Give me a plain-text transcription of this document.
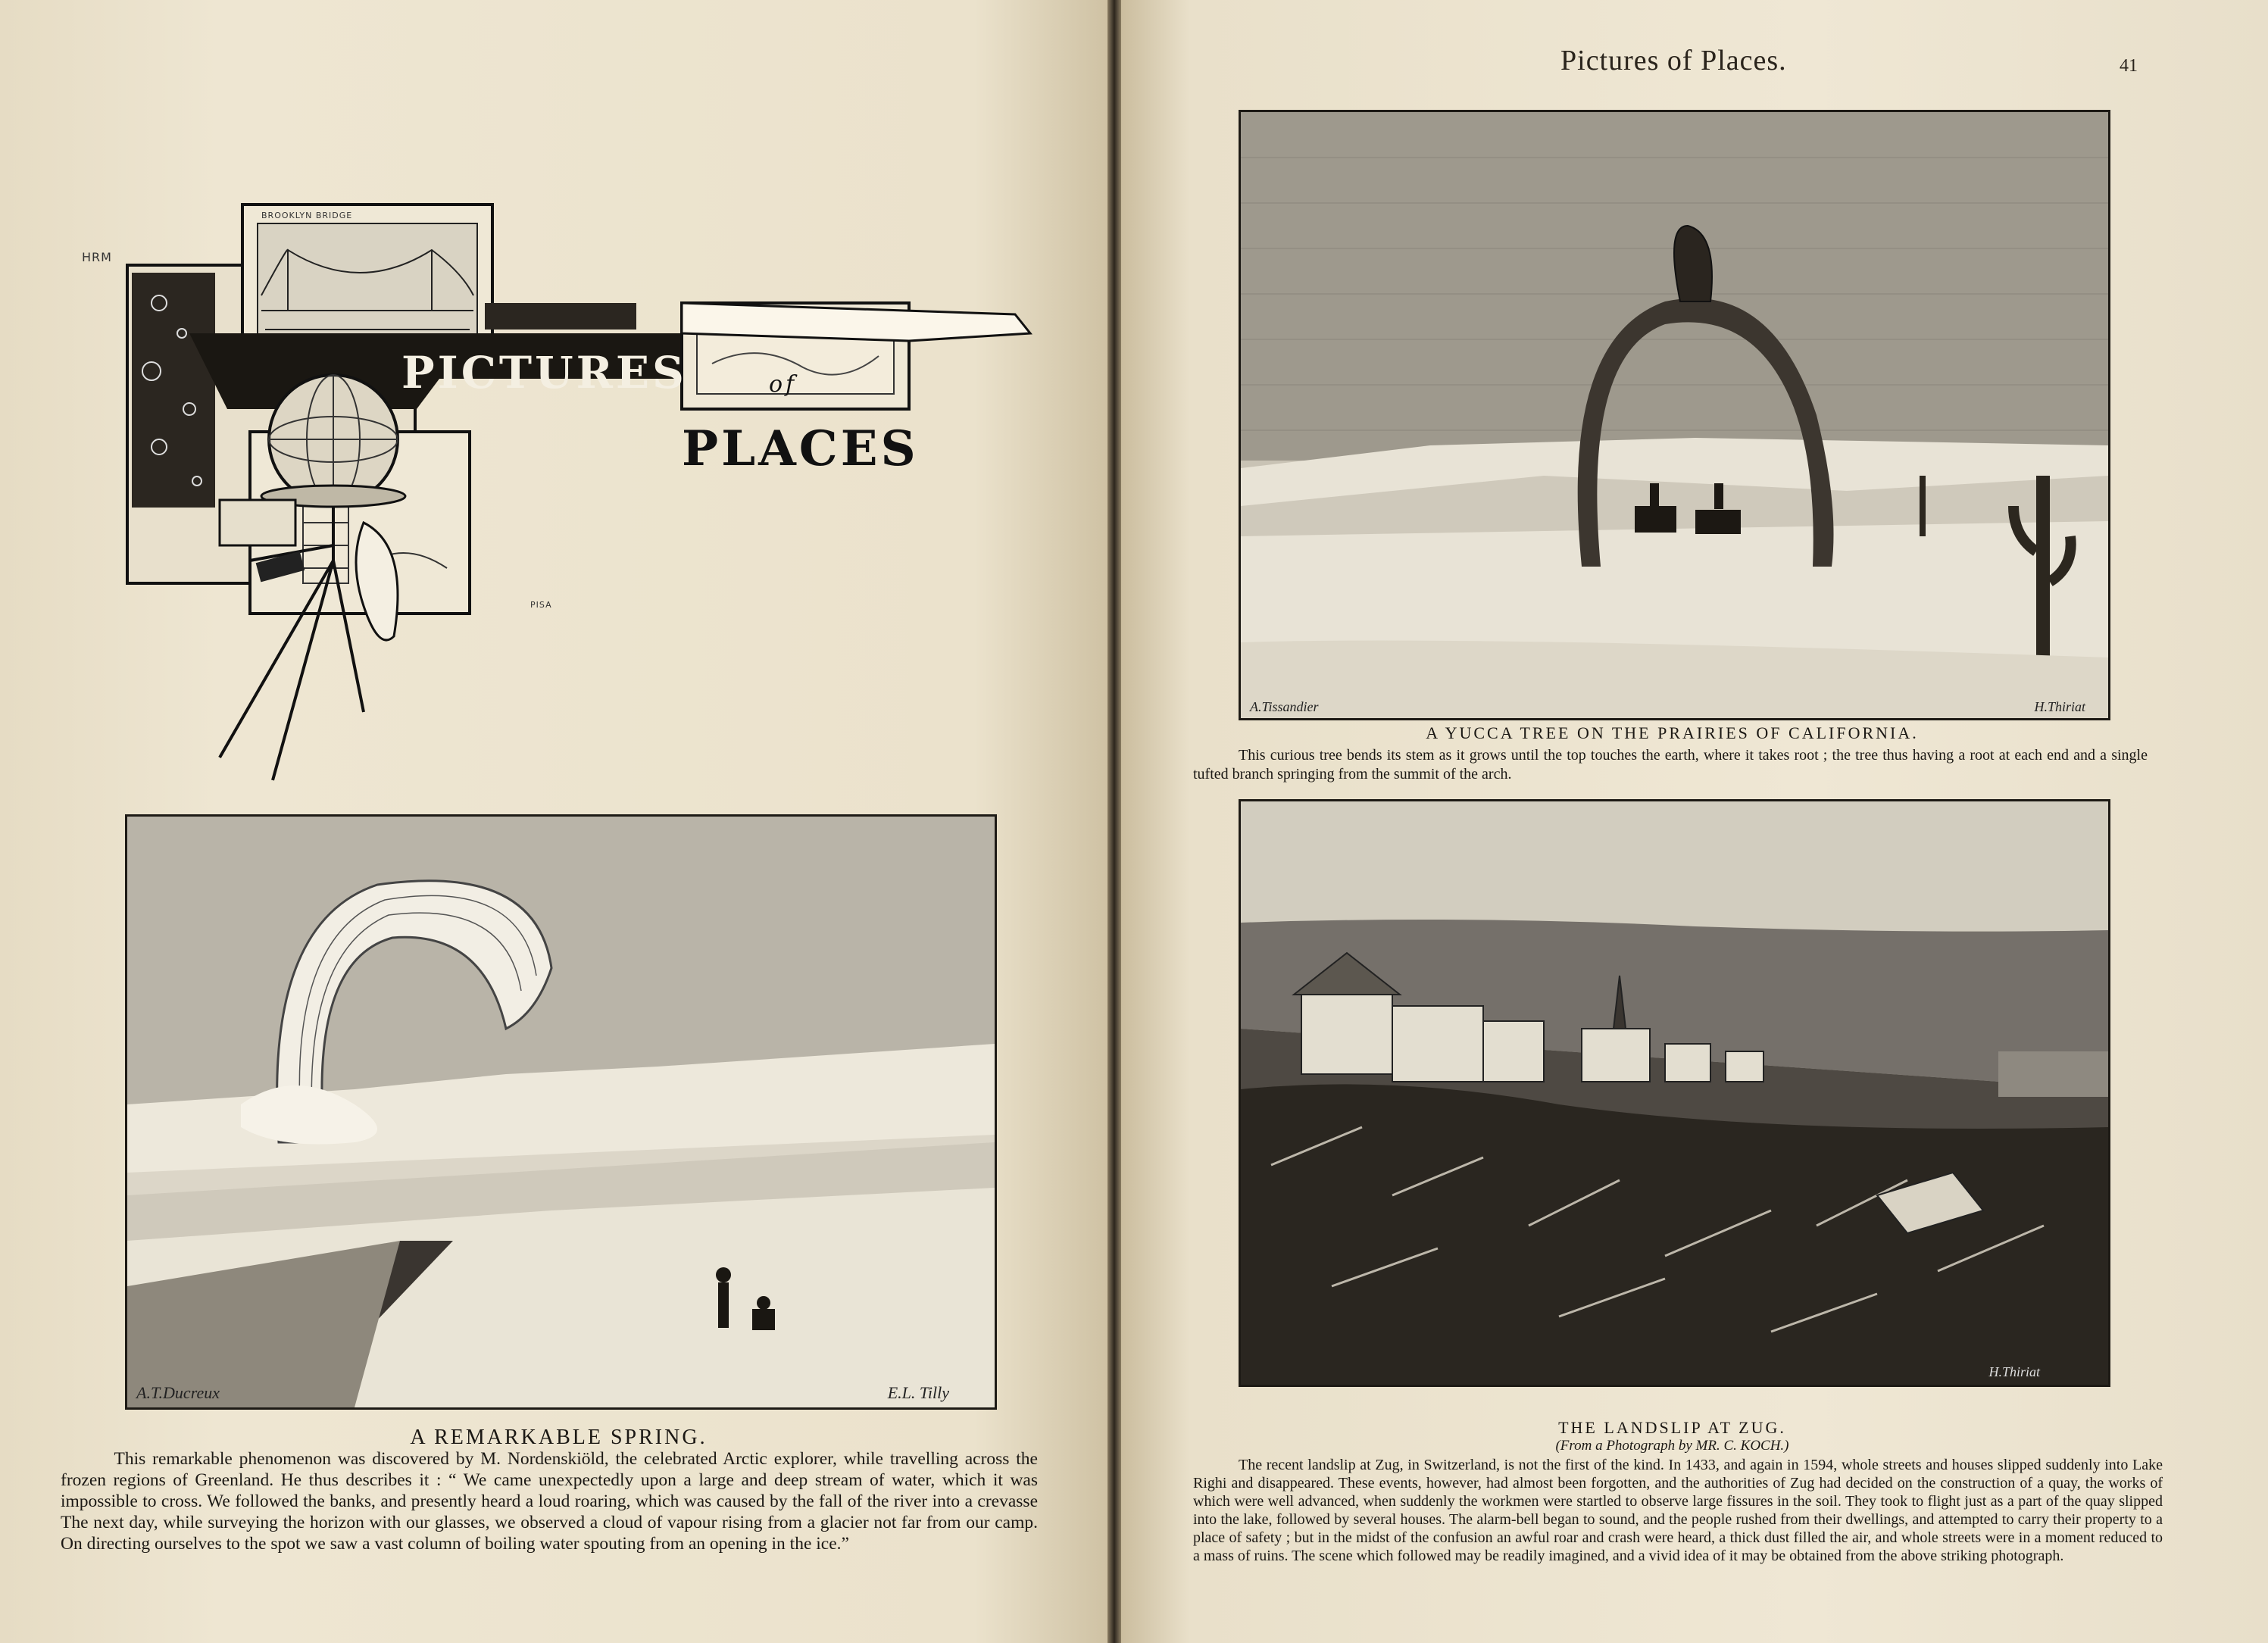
HRM
BROOKLYN BRIDGE
PISA
PICTURES	of
PLACES
A.T.Ducreux	E.L. Tilly
A REMARKABLE SPRING.

This remarkable phenomenon was discovered by M. Nordenskiöld, the celebrated Arctic explorer, while travelling across the frozen regions of Greenland. He thus describes it : “ We came unexpectedly upon a large and deep stream of water, which it was impossible to cross. We followed the banks, and presently heard a loud roaring, which was caused by the fall of the river into a crevasse The next day, while surveying the horizon with our glasses, we observed a cloud of vapour rising from a glacier not far from our camp. On directing ourselves to the spot we saw a vast column of boiling water spouting from an opening in the ice.”

Pictures of Places.	41
A.Tissandier	H.Thiriat
A YUCCA TREE ON THE PRAIRIES OF CALIFORNIA.

This curious tree bends its stem as it grows until the top touches the earth, where it takes root ; the tree thus having a root at each end and a single tufted branch springing from the summit of the arch.

H.Thiriat
THE LANDSLIP AT ZUG.
(From a Photograph by MR. C. KOCH.)

The recent landslip at Zug, in Switzerland, is not the first of the kind. In 1433, and again in 1594, whole streets and houses slipped suddenly into Lake Righi and disappeared. These events, however, had almost been forgotten, and the authorities of Zug had decided on the construction of a quay, the works of which were well advanced, when suddenly the workmen were startled to observe large fissures in the soil. They took to flight just as a part of the quay slipped into the lake, followed by several houses. The alarm-bell began to sound, and the people rushed from their dwellings, and attempted to carry their property to a place of safety ; but in the midst of the confusion an awful roar and crash were heard, a thick dust filled the air, and whole streets were in a moment reduced to a mass of ruins. The scene which followed may be readily imagined, and a vivid idea of it may be obtained from the above striking photograph.
